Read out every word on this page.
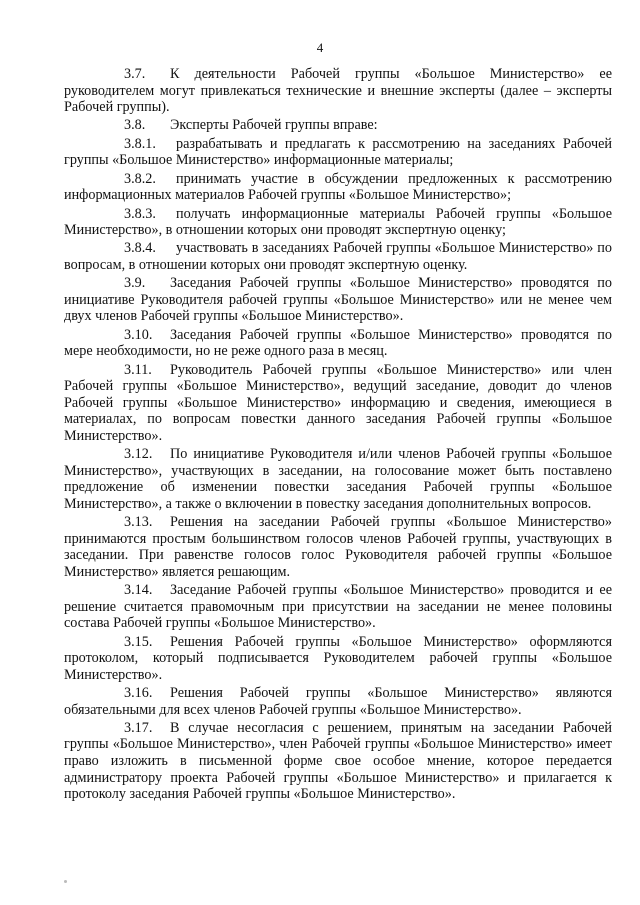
4

3.7. К деятельности Рабочей группы «Большое Министерство» ее руководителем могут привлекаться технические и внешние эксперты (далее – эксперты Рабочей группы).

3.8. Эксперты Рабочей группы вправе:

3.8.1. разрабатывать и предлагать к рассмотрению на заседаниях Рабочей группы «Большое Министерство» информационные материалы;

3.8.2. принимать участие в обсуждении предложенных к рассмотрению информационных материалов Рабочей группы «Большое Министерство»;

3.8.3. получать информационные материалы Рабочей группы «Большое Министерство», в отношении которых они проводят экспертную оценку;

3.8.4. участвовать в заседаниях Рабочей группы «Большое Министерство» по вопросам, в отношении которых они проводят экспертную оценку.

3.9. Заседания Рабочей группы «Большое Министерство» проводятся по инициативе Руководителя рабочей группы «Большое Министерство» или не менее чем двух членов Рабочей группы «Большое Министерство».

3.10. Заседания Рабочей группы «Большое Министерство» проводятся по мере необходимости, но не реже одного раза в месяц.

3.11. Руководитель Рабочей группы «Большое Министерство» или член Рабочей группы «Большое Министерство», ведущий заседание, доводит до членов Рабочей группы «Большое Министерство» информацию и сведения, имеющиеся в материалах, по вопросам повестки данного заседания Рабочей группы «Большое Министерство».

3.12. По инициативе Руководителя и/или членов Рабочей группы «Большое Министерство», участвующих в заседании, на голосование может быть поставлено предложение об изменении повестки заседания Рабочей группы «Большое Министерство», а также о включении в повестку заседания дополнительных вопросов.

3.13. Решения на заседании Рабочей группы «Большое Министерство» принимаются простым большинством голосов членов Рабочей группы, участвующих в заседании. При равенстве голосов голос Руководителя рабочей группы «Большое Министерство» является решающим.

3.14. Заседание Рабочей группы «Большое Министерство» проводится и ее решение считается правомочным при присутствии на заседании не менее половины состава Рабочей группы «Большое Министерство».

3.15. Решения Рабочей группы «Большое Министерство» оформляются протоколом, который подписывается Руководителем рабочей группы «Большое Министерство».

3.16. Решения Рабочей группы «Большое Министерство» являются обязательными для всех членов Рабочей группы «Большое Министерство».

3.17. В случае несогласия с решением, принятым на заседании Рабочей группы «Большое Министерство», член Рабочей группы «Большое Министерство» имеет право изложить в письменной форме свое особое мнение, которое передается администратору проекта Рабочей группы «Большое Министерство» и прилагается к протоколу заседания Рабочей группы «Большое Министерство».
